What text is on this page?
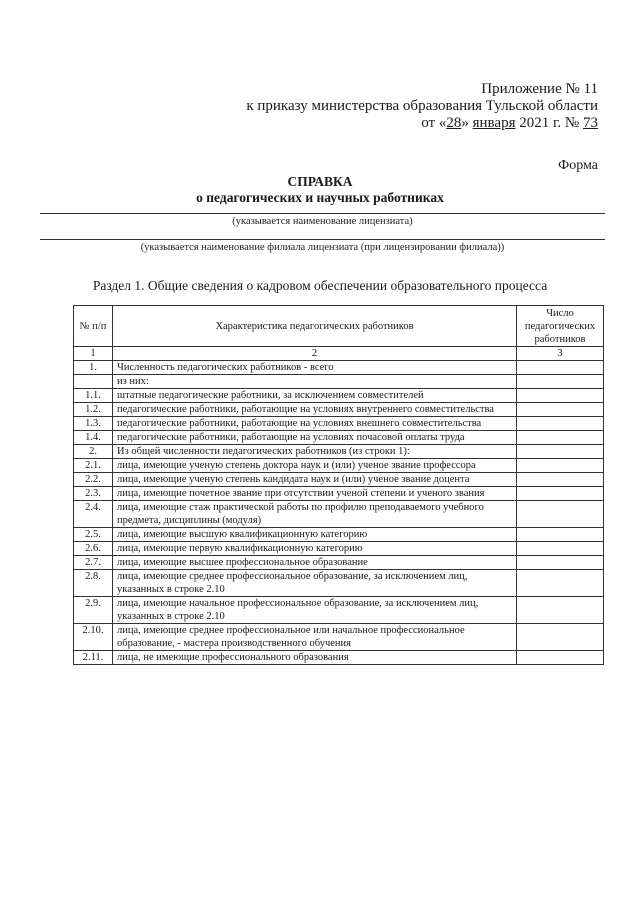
Приложение № 11
к приказу министерства образования Тульской области
от «28» января 2021 г. № 73
Форма
СПРАВКА
о педагогических и научных работниках
(указывается наименование лицензиата)
(указывается наименование филиала лицензиата (при лицензировании филиала))
Раздел 1. Общие сведения о кадровом обеспечении образовательного процесса
№ п/п	Характеристика педагогических работников	Число педагогических работников
1	2	3
1.	Численность педагогических работников - всего	
	из них:	
1.1.	штатные педагогические работники, за исключением совместителей	
1.2.	педагогические работники, работающие на условиях внутреннего совместительства	
1.3.	педагогические работники, работающие на условиях внешнего совместительства	
1.4.	педагогические работники, работающие на условиях почасовой оплаты труда	
2.	Из общей численности педагогических работников (из строки 1):	
2.1.	лица, имеющие ученую степень доктора наук и (или) ученое звание профессора	
2.2.	лица, имеющие ученую степень кандидата наук и (или) ученое звание доцента	
2.3.	лица, имеющие почетное звание при отсутствии ученой степени и ученого звания	
2.4.	лица, имеющие стаж практической работы по профилю преподаваемого учебного предмета, дисциплины (модуля)	
2.5.	лица, имеющие высшую квалификационную категорию	
2.6.	лица, имеющие первую квалификационную категорию	
2.7.	лица, имеющие высшее профессиональное образование	
2.8.	лица, имеющие среднее профессиональное образование, за исключением лиц, указанных в строке 2.10	
2.9.	лица, имеющие начальное профессиональное образование, за исключением лиц, указанных в строке 2.10	
2.10.	лица, имеющие среднее профессиональное или начальное профессиональное образование, - мастера производственного обучения	
2.11.	лица, не имеющие профессионального образования	
